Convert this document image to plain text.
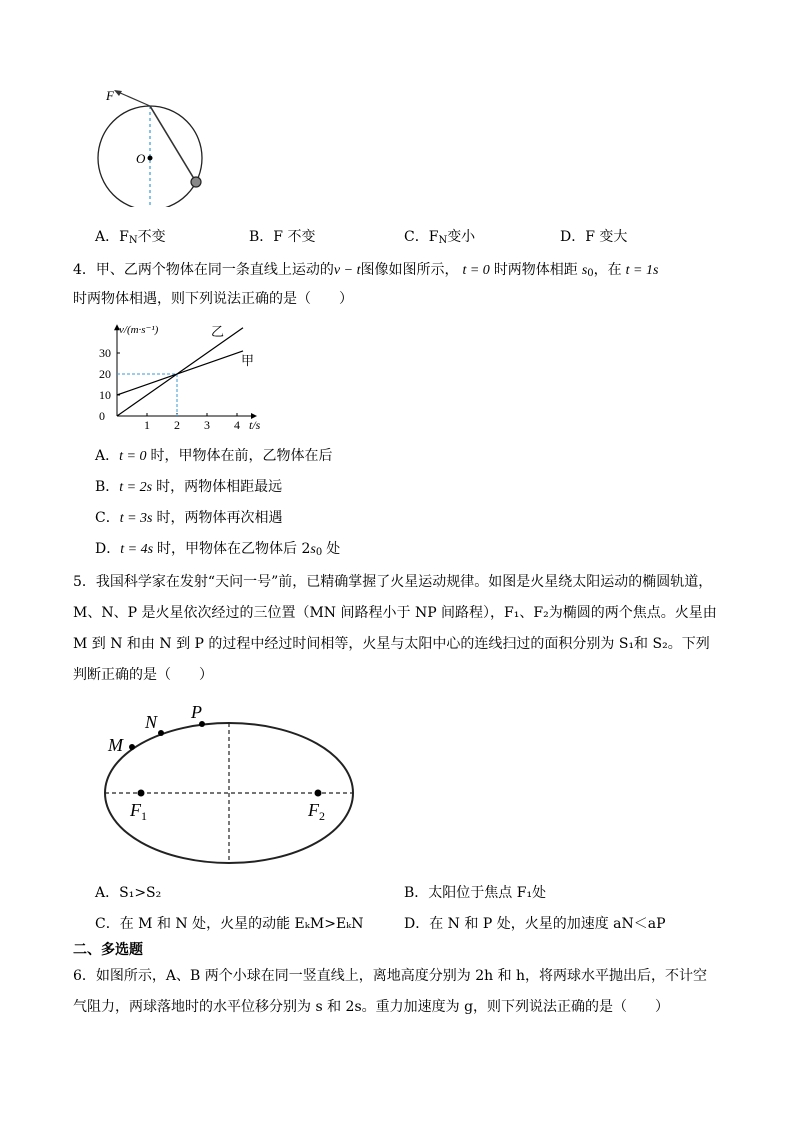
F
O
A．$F_N$不变	B．F 不变	C．$F_N$变小	D．F 变大
4．甲、乙两个物体在同一条直线上运动的v − t图像如图所示， t = 0 时两物体相距 $s_0$，在 t = 1s
时两物体相遇，则下列说法正确的是（　　）
1 2 3 4
0
10
20
30
乙
甲
v/(m·s⁻¹)
t/s
A．t = 0 时，甲物体在前，乙物体在后
B．t = 2s 时，两物体相距最远
C．t = 3s 时，两物体再次相遇
D．t = 4s 时，甲物体在乙物体后 $2s_0$ 处
5．我国科学家在发射“天问一号”前，已精确掌握了火星运动规律。如图是火星绕太阳运动的椭圆轨道，
M、N、P 是火星依次经过的三位置（MN 间路程小于 NP 间路程），F₁、F₂为椭圆的两个焦点。火星由
M 到 N 和由 N 到 P 的过程中经过时间相等，火星与太阳中心的连线扫过的面积分别为 S₁和 S₂。下列
判断正确的是（　　）
M
N P
$F_1$	$F_2$
A．S₁>S₂	B．太阳位于焦点 F₁处
C．在 M 和 N 处，火星的动能 EₖM>EₖN	D．在 N 和 P 处，火星的加速度 aN＜aP
二、多选题
6．如图所示，A、B 两个小球在同一竖直线上，离地高度分别为 2h 和 h，将两球水平抛出后，不计空
气阻力，两球落地时的水平位移分别为 s 和 2s。重力加速度为 g，则下列说法正确的是（　　）
